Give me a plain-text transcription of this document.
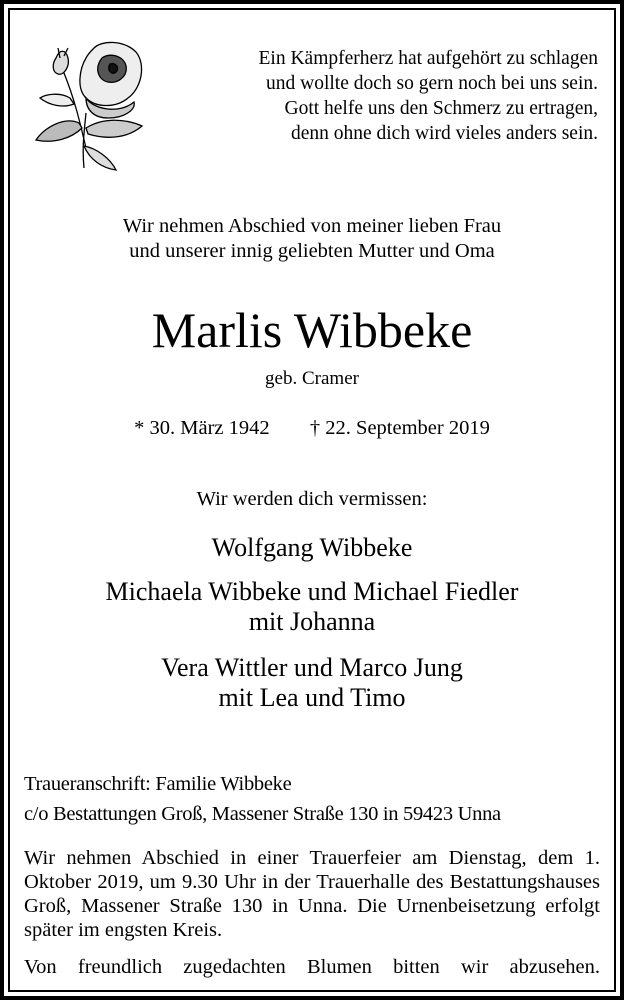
Ein Kämpferherz hat aufgehört zu schlagen
und wollte doch so gern noch bei uns sein.
Gott helfe uns den Schmerz zu ertragen,
denn ohne dich wird vieles anders sein.
Wir nehmen Abschied von meiner lieben Frau
und unserer innig geliebten Mutter und Oma
Marlis Wibbeke
geb. Cramer
* 30. März 1942 † 22. September 2019
Wir werden dich vermissen:
Wolfgang Wibbeke
Michaela Wibbeke und Michael Fiedler
mit Johanna
Vera Wittler und Marco Jung
mit Lea und Timo
Traueranschrift: Familie Wibbeke
c/o Bestattungen Groß, Massener Straße 130 in 59423 Unna
Wir nehmen Abschied in einer Trauerfeier am Dienstag, dem 1. Oktober 2019, um 9.30 Uhr in der Trauerhalle des Bestattungshauses Groß, Massener Straße 130 in Unna. Die Urnenbeisetzung erfolgt später im engsten Kreis.
Von freundlich zugedachten Blumen bitten wir abzusehen.
